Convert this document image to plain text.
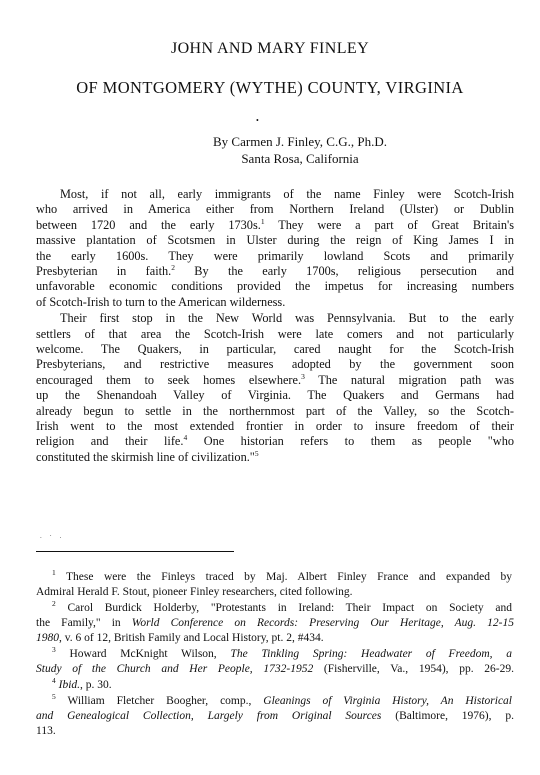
JOHN AND MARY FINLEY
OF MONTGOMERY (WYTHE) COUNTY, VIRGINIA
•
By Carmen J. Finley, C.G., Ph.D.
Santa Rosa, California
Most, if not all, early immigrants of the name Finley were Scotch-Irish
who arrived in America either from Northern Ireland (Ulster) or Dublin
between 1720 and the early 1730s.$^1$ They were a part of Great Britain's
massive plantation of Scotsmen in Ulster during the reign of King James I in
the early 1600s. They were primarily lowland Scots and primarily
Presbyterian in faith.$^2$ By the early 1700s, religious persecution and
unfavorable economic conditions provided the impetus for increasing numbers
of Scotch-Irish to turn to the American wilderness.
Their first stop in the New World was Pennsylvania. But to the early
settlers of that area the Scotch-Irish were late comers and not particularly
welcome. The Quakers, in particular, cared naught for the Scotch-Irish
Presbyterians, and restrictive measures adopted by the government soon
encouraged them to seek homes elsewhere.$^3$ The natural migration path was
up the Shenandoah Valley of Virginia. The Quakers and Germans had
already begun to settle in the northernmost part of the Valley, so the Scotch-
Irish went to the most extended frontier in order to insure freedom of their
religion and their life.$^4$ One historian refers to them as people "who
constituted the skirmish line of civilization."$^5$
. · .
$^1$ These were the Finleys traced by Maj. Albert Finley France and expanded by
Admiral Herald F. Stout, pioneer Finley researchers, cited following.
$^2$ Carol Burdick Holderby, "Protestants in Ireland: Their Impact on Society and
the Family," in World Conference on Records: Preserving Our Heritage, Aug. 12-15
1980, v. 6 of 12, British Family and Local History, pt. 2, #434.
$^3$ Howard McKnight Wilson, The Tinkling Spring: Headwater of Freedom, a
Study of the Church and Her People, 1732-1952 (Fisherville, Va., 1954), pp. 26-29.
$^4$ Ibid., p. 30.
$^5$ William Fletcher Boogher, comp., Gleanings of Virginia History, An Historical
and Genealogical Collection, Largely from Original Sources (Baltimore, 1976), p.
113.
